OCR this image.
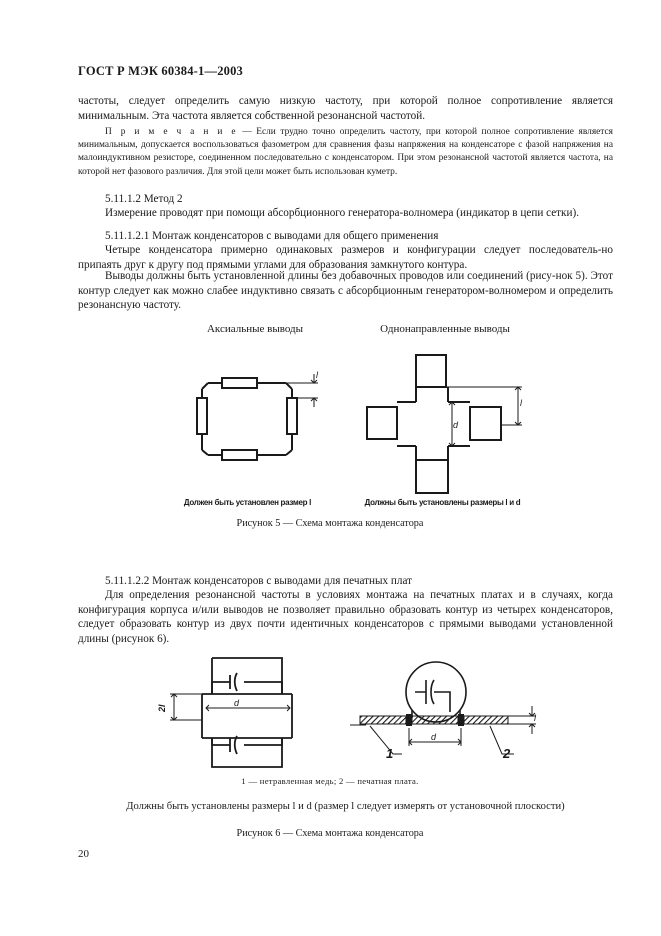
ГОСТ Р МЭК 60384-1—2003
частоты, следует определить самую низкую частоту, при которой полное сопротивление является минимальным. Эта частота является собственной резонансной частотой.
П р и м е ч а н и е — Если трудно точно определить частоту, при которой полное сопротивление является минимальным, допускается воспользоваться фазометром для сравнения фазы напряжения на конденсаторе с фазой напряжения на малоиндуктивном резисторе, соединенном последовательно с конденсатором. При этом резонансной частотой является частота, на которой нет фазового различия. Для этой цели может быть использован куметр.
5.11.1.2 Метод 2
Измерение проводят при помощи абсорбционного генератора-волномера (индикатор в цепи сетки).
5.11.1.2.1 Монтаж конденсаторов с выводами для общего применения
Четыре конденсатора примерно одинаковых размеров и конфигурации следует последователь-но припаять друг к другу под прямыми углами для образования замкнутого контура.
Выводы должны быть установленной длины без добавочных проводов или соединений (рису-нок 5). Этот контур следует как можно слабее индуктивно связать с абсорбционным генератором-волномером и определить резонансную частоту.
Аксиальные выводы	Однонаправленные выводы
l
l
d
Должен быть установлен размер l	Должны быть установлены размеры l и d
Рисунок 5 — Схема монтажа конденсатора
5.11.1.2.2 Монтаж конденсаторов с выводами для печатных плат
Для определения резонансной частоты в условиях монтажа на печатных платах и в случаях, когда конфигурация корпуса и/или выводов не позволяет правильно образовать контур из четырех конденсаторов, следует образовать контур из двух почти идентичных конденсаторов с прямыми выводами установленной длины (рисунок 6).
2l
d
d
l
1	2
1 — нетравленная медь; 2 — печатная плата.
Должны быть установлены размеры l и d (размер l следует измерять от установочной плоскости)
Рисунок 6 — Схема монтажа конденсатора
20
